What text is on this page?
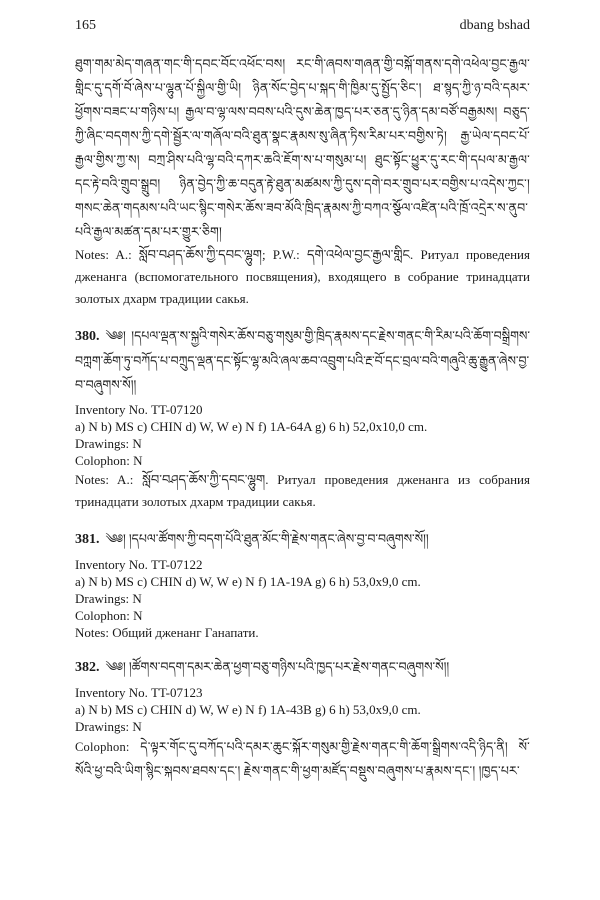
165	dbang bshad

ཐུག་གམ་མེད་གཞན་གང་གི་དབང་བོང་འཕོང་བས། རང་གི་ཞབས་གཞན་གྱི་བསྐོ་གནས་དགེ་འཕེལ་བྱང་རྒྱལ་གླིང་དུ་དགོ་བོ་ཞེས་པ་ལྷུན་པོ་སྐྱིལ་གྱི་ཡི། ཉིན་སོང་བྱེད་པ་སྐད་གི་ཁྱིམ་དུ་སྤྱོད་ཅིང་། ཐ་སྙད་ཀྱི་ཉ་བའི་དམར་ཕྱོགས་བཟང་པ་གཉིས་པ། རྒྱལ་བ་ལྷ་ལས་བབས་པའི་དུས་ཆེན་ཁྱད་པར་ཅན་དུ་ཉིན་དམ་བཙོ་བརྒྱམས། བཅུད་ཀྱི་ཞིང་བདགས་ཀྱི་དགེ་སྦྱོར་ལ་གཞོལ་བའི་ཐུན་སྣང་རྣམས་སུ་ཞིན་ཏིས་རིམ་པར་བགྱིས་ཏེ། རྒྱ་ཡེལ་དབང་པོ་རྒྱལ་གྱིས་ཀྱ་ས། བཀྲ་ཤིས་པའི་ལྷ་བའི་དཀར་ཆའི་ཇོག་ས་པ་གསུམ་པ། ཐུང་སྟོང་ཕྱུར་དུ་རང་གི་དཔལ་མ་རྒྱལ་དང་རྟེ་བའི་གྲུབ་སྒྲུབ། ཉིན་བྱེད་ཀྱི་ཆ་བདུན་རྟེ་ཐུན་མཚམས་ཀྱི་དུས་དགེ་བར་གྲུབ་པར་བགྱིས་པ་འདེས་ཀྱང་། གསང་ཆེན་གདམས་པའི་ཡང་སྙིང་གསེར་ཆོས་ཟབ་མོའི་ཁྲིད་རྣམས་ཀྱི་བཀའ་སྩོལ་འཛིན་པའི་ཁྲོ་འདྲེར་ས་ནུབ་པའི་རྒྱལ་མཚན་དམ་པར་གྱུར་ཅིག།

Notes: A.: སློབ་བཤད་ཆོས་ཀྱི་དབང་ལྷུག; P.W.: དགེ་འཕེལ་བྱང་རྒྱལ་གླིང. Ритуал проведения дженанга (вспомогательного посвящения), входящего в собрание тринадцати золотых дхарм традиции сакья.

380. ༄༅། །དཔལ་ལྡན་ས་སྐྱའི་གསེར་ཆོས་བཅུ་གསུམ་གྱི་ཁྲིད་རྣམས་དང་རྗེས་གནང་གི་རིམ་པའི་ཆོག་བསྒྲིགས་བཀླག་ཆོག་ཏུ་བཀོད་པ་བཀྲུད་ལྡན་དང་སྟོང་ལྷ་མའི་ཞལ་ཆབ་འབྲུག་པའི་རྔ་བོ་དང་བྲལ་བའི་གཞུའི་ཆུ་རྒྱུན་ཞེས་བྱ་བ་བཞུགས་སོ།།

Inventory No. TT-07120

a) N b) MS c) CHIN d) W, W e) N f) 1A-64A g) 6 h) 52,0x10,0 cm.

Drawings: N

Colophon: N

Notes: A.: སློབ་བཤད་ཆོས་ཀྱི་དབང་ལྷུག. Ритуал проведения дженанга из собрания тринадцати золотых дхарм традиции сакья.

381. ༄༅། །དཔལ་ཚོགས་ཀྱི་བདག་པོའི་ཐུན་མོང་གི་རྗེས་གནང་ཞེས་བྱ་བ་བཞུགས་སོ།།

Inventory No. TT-07122

a) N b) MS c) CHIN d) W, W e) N f) 1A-19A g) 6 h) 53,0x9,0 cm.

Drawings: N

Colophon: N

Notes: Общий дженанг Ганапати.

382. ༄༅། །ཚོགས་བདག་དམར་ཆེན་ཕྱག་བཅུ་གཉིས་པའི་ཁྱད་པར་རྗེས་གནང་བཞུགས་སོ།།

Inventory No. TT-07123

a) N b) MS c) CHIN d) W, W e) N f) 1A-43B g) 6 h) 53,0x9,0 cm.

Drawings: N

Colophon: དེ་ལྟར་གོང་དུ་བཀོད་པའི་དམར་ཆུང་སྐོར་གསུམ་གྱི་རྗེས་གནང་གི་ཆོག་སྒྲིགས་འདི་ཉིད་ནི། སོ་སོའི་ཕྱ་བའི་ཡིག་སྙིང་སྐབས་ཐབས་དང་། རྗེས་གནང་གི་ཕྱག་མཛོད་བསྡུས་བཞུགས་པ་རྣམས་དང་། །ཁྱད་པར་
